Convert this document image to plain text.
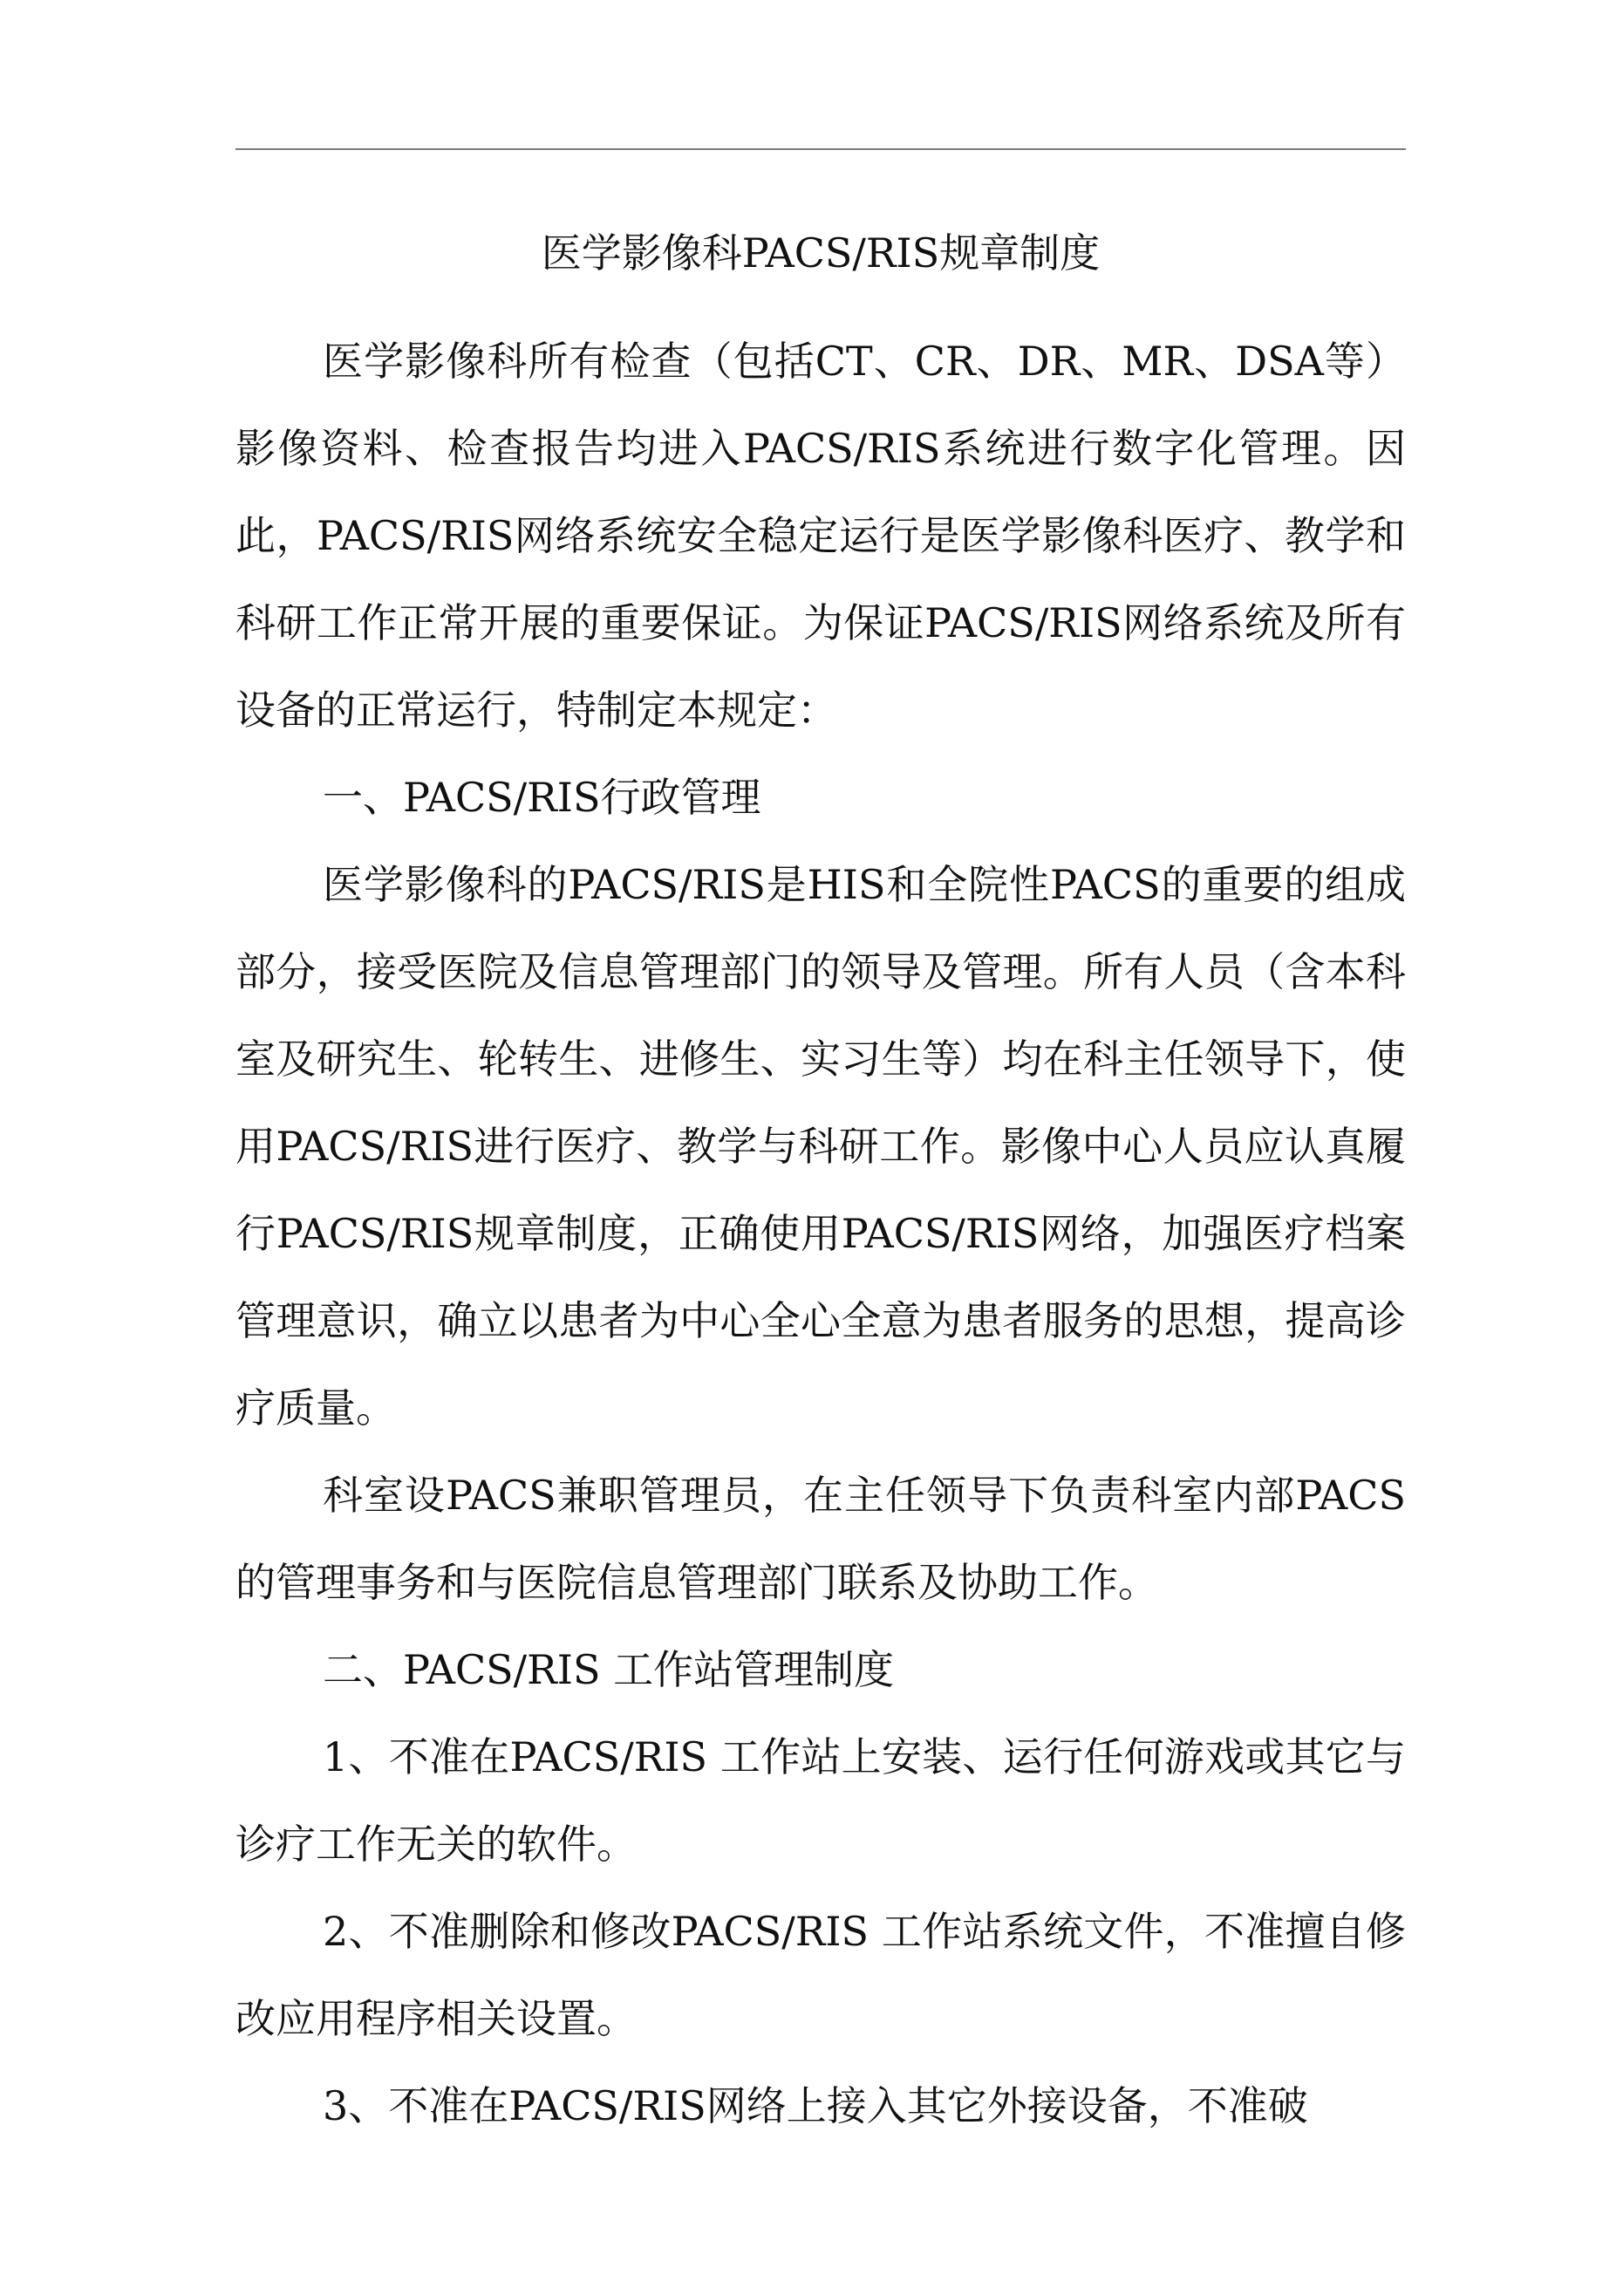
医学影像科PACS/RIS规章制度

医学影像科所有检查（包括CT、CR、DR、MR、DSA等）影像资料、检查报告均进入PACS/RIS系统进行数字化管理。因此，PACS/RIS网络系统安全稳定运行是医学影像科医疗、教学和科研工作正常开展的重要保证。为保证PACS/RIS网络系统及所有设备的正常运行，特制定本规定：

一、PACS/RIS行政管理

医学影像科的PACS/RIS是HIS和全院性PACS的重要的组成部分，接受医院及信息管理部门的领导及管理。所有人员（含本科室及研究生、轮转生、进修生、实习生等）均在科主任领导下，使用PACS/RIS进行医疗、教学与科研工作。影像中心人员应认真履行PACS/RIS规章制度，正确使用PACS/RIS网络，加强医疗档案管理意识，确立以患者为中心全心全意为患者服务的思想，提高诊疗质量。

科室设PACS兼职管理员，在主任领导下负责科室内部PACS的管理事务和与医院信息管理部门联系及协助工作。

二、PACS/RIS 工作站管理制度

1、不准在PACS/RIS 工作站上安装、运行任何游戏或其它与诊疗工作无关的软件。

2、不准删除和修改PACS/RIS 工作站系统文件，不准擅自修改应用程序相关设置。

3、不准在PACS/RIS网络上接入其它外接设备，不准破
